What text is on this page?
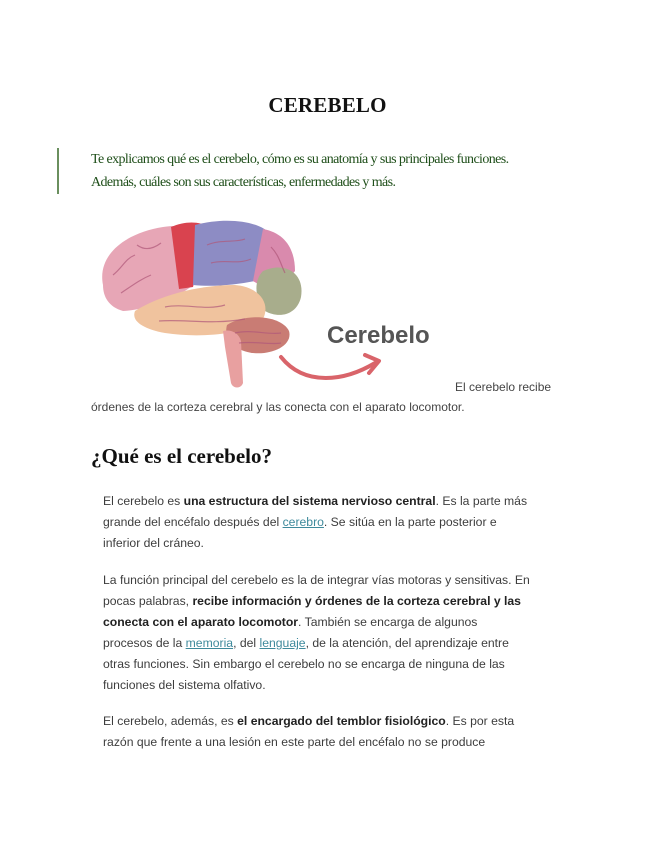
CEREBELO
Te explicamos qué es el cerebelo, cómo es su anatomía y sus principales funciones.
Además, cuáles son sus características, enfermedades y más.
Cerebelo
El cerebelo recibe
órdenes de la corteza cerebral y las conecta con el aparato locomotor.
¿Qué es el cerebelo?
El cerebelo es una estructura del sistema nervioso central. Es la parte más
grande del encéfalo después del cerebro. Se sitúa en la parte posterior e
inferior del cráneo.
La función principal del cerebelo es la de integrar vías motoras y sensitivas. En
pocas palabras, recibe información y órdenes de la corteza cerebral y las
conecta con el aparato locomotor. También se encarga de algunos
procesos de la memoria, del lenguaje, de la atención, del aprendizaje entre
otras funciones. Sin embargo el cerebelo no se encarga de ninguna de las
funciones del sistema olfativo.
El cerebelo, además, es el encargado del temblor fisiológico. Es por esta
razón que frente a una lesión en este parte del encéfalo no se produce
